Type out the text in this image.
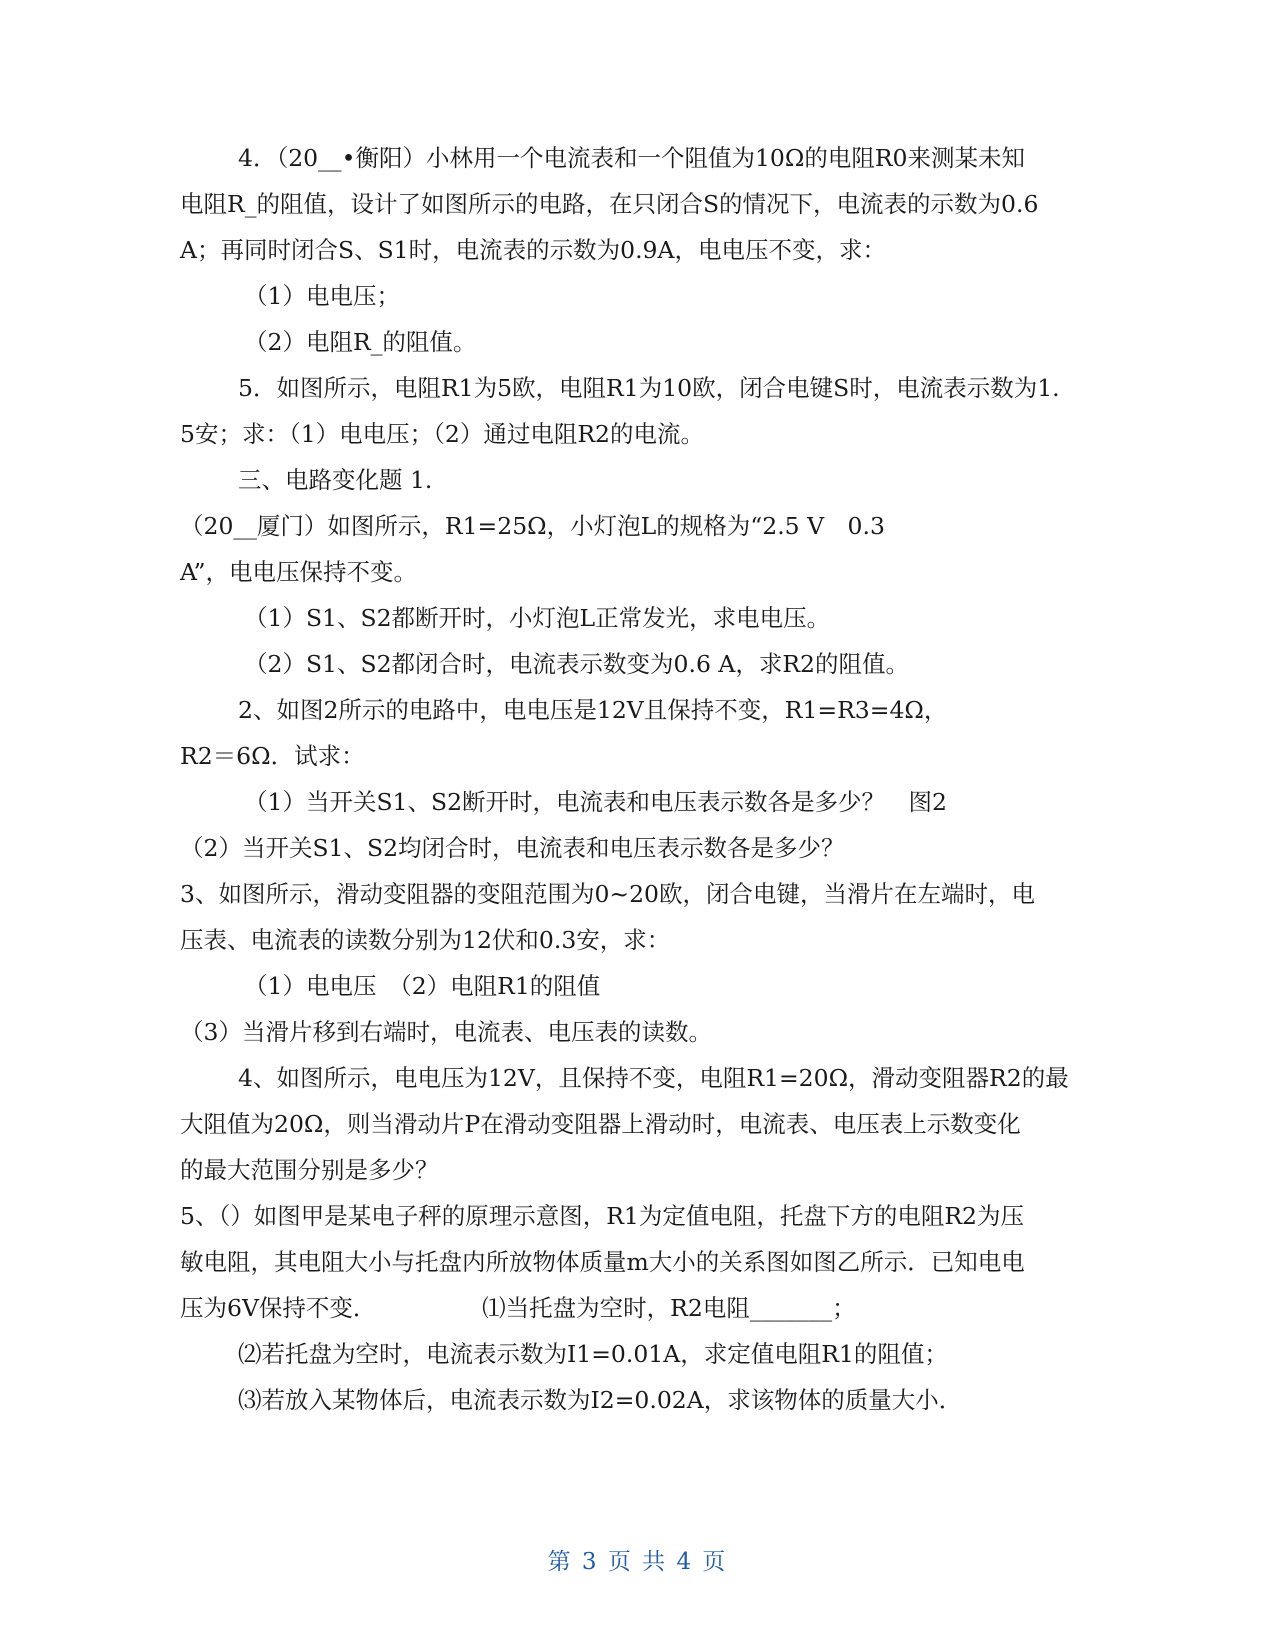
4．（20__•衡阳）小林用一个电流表和一个阻值为10Ω的电阻R0来测某未知
电阻R_的阻值，设计了如图所示的电路，在只闭合S的情况下，电流表的示数为0.6
A；再同时闭合S、S1时，电流表的示数为0.9A，电电压不变，求：
（1）电电压；
（2）电阻R_的阻值。
5．如图所示，电阻R1为5欧，电阻R1为10欧，闭合电键S时，电流表示数为1.
5安；求：（1）电电压；（2）通过电阻R2的电流。
三、电路变化题 1.
（20__厦门）如图所示，R1=25Ω，小灯泡L的规格为“2.5 V　0.3
A”，电电压保持不变。
（1）S1、S2都断开时，小灯泡L正常发光，求电电压。
（2）S1、S2都闭合时，电流表示数变为0.6 A，求R2的阻值。
2、如图2所示的电路中，电电压是12V且保持不变，R1=R3=4Ω，
R2＝6Ω．试求：
（1）当开关S1、S2断开时，电流表和电压表示数各是多少？　图2
（2）当开关S1、S2均闭合时，电流表和电压表示数各是多少？
3、如图所示，滑动变阻器的变阻范围为0~20欧，闭合电键，当滑片在左端时，电
压表、电流表的读数分别为12伏和0.3安，求：
（1）电电压　（2）电阻R1的阻值
（3）当滑片移到右端时，电流表、电压表的读数。
4、如图所示，电电压为12V，且保持不变，电阻R1=20Ω，滑动变阻器R2的最
大阻值为20Ω，则当滑动片P在滑动变阻器上滑动时，电流表、电压表上示数变化
的最大范围分别是多少？
5、（）如图甲是某电子秤的原理示意图，R1为定值电阻，托盘下方的电阻R2为压
敏电阻，其电阻大小与托盘内所放物体质量m大小的关系图如图乙所示．已知电电
压为6V保持不变．　　　　　⑴当托盘为空时，R2电阻_______；
⑵若托盘为空时，电流表示数为I1=0.01A，求定值电阻R1的阻值；
⑶若放入某物体后，电流表示数为I2=0.02A，求该物体的质量大小．
第 3 页 共 4 页
